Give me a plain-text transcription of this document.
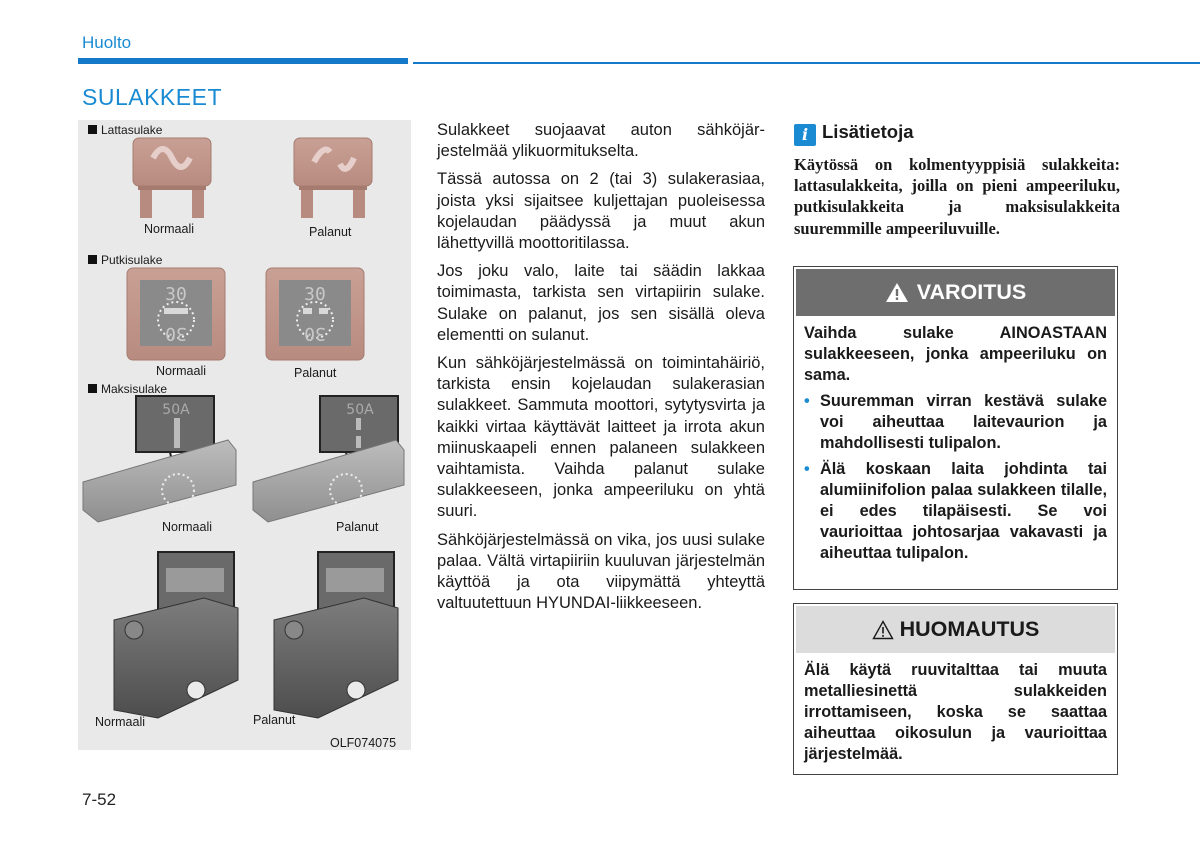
Huolto
SULAKKEET
30
30
30
30
50A	50A
Lattasulake
Normaali	Palanut
Putkisulake
Normaali	Palanut
Maksisulake
Normaali	Palanut
Normaali	Palanut
OLF074075

Sulakkeet suojaavat auton sähköjärjestelmää ylikuormitukselta.

Tässä autossa on 2 (tai 3) sulakerasiaa, joista yksi sijaitsee kuljettajan puoleisessa kojelaudan päädyssä ja muut akun lähettyvillä moottoritilassa.

Jos joku valo, laite tai säädin lakkaa toimimasta, tarkista sen virtapiirin sulake. Sulake on palanut, jos sen sisällä oleva elementti on sulanut.

Kun sähköjärjestelmässä on toimintahäiriö, tarkista ensin kojelaudan sulakerasian sulakkeet. Sammuta moottori, sytytysvirta ja kaikki virtaa käyttävät laitteet ja irrota akun miinuskaapeli ennen palaneen sulakkeen vaihtamista. Vaihda palanut sulake sulakkeeseen, jonka ampeeriluku on yhtä suuri.

Sähköjärjestelmässä on vika, jos uusi sulake palaa. Vältä virtapiiriin kuuluvan järjestelmän käyttöä ja ota viipymättä yhteyttä valtuutettuun HYUNDAI-liikkeeseen.

i Lisätietoja
Käytössä on kolmentyyppisiä sulakkeita: lattasulakkeita, joilla on pieni ampeeriluku, putkisulakkeita ja maksisulakkeita suuremmille ampeeriluvuille.
VAROITUS

Vaihda sulake AINOASTAAN sulakkeeseen, jonka ampeeriluku on sama.

• Suuremman virran kestävä sulake voi aiheuttaa laitevaurion ja mahdollisesti tulipalon.
• Älä koskaan laita johdinta tai alumiinifolion palaa sulakkeen tilalle, ei edes tilapäisesti. Se voi vaurioittaa johtosarjaa vakavasti ja aiheuttaa tulipalon.
HUOMAUTUS
Älä käytä ruuvitalttaa tai muuta metalliesinettä sulakkeiden irrottamiseen, koska se saattaa aiheuttaa oikosulun ja vaurioittaa järjestelmää.
7-52
